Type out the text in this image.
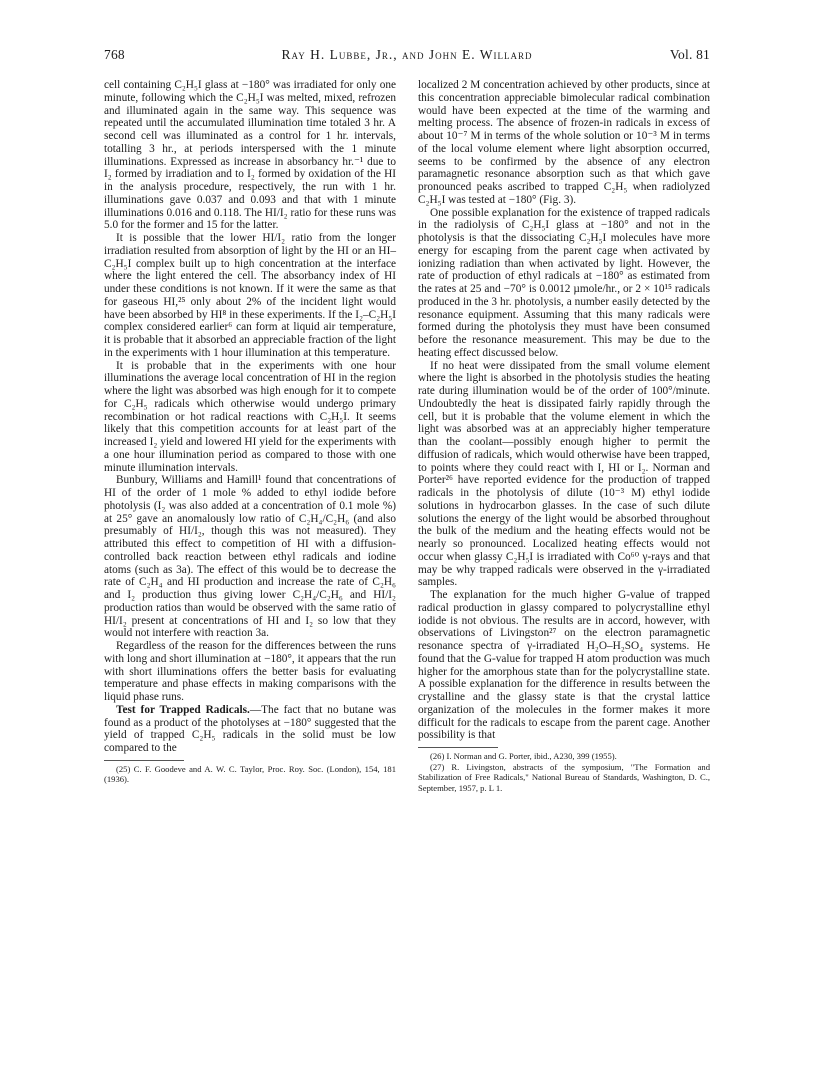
768	Ray H. Lubbe, Jr., and John E. Willard	Vol. 81

cell containing C₂H₅I glass at −180° was irradiated for only one minute, following which the C₂H₅I was melted, mixed, refrozen and illuminated again in the same way. This sequence was repeated until the accumulated illumination time totaled 3 hr. A second cell was illuminated as a control for 1 hr. intervals, totalling 3 hr., at periods interspersed with the 1 minute illuminations. Expressed as increase in absorbancy hr.⁻¹ due to I₂ formed by irradiation and to I₂ formed by oxidation of the HI in the analysis procedure, respectively, the run with 1 hr. illuminations gave 0.037 and 0.093 and that with 1 minute illuminations 0.016 and 0.118. The HI/I₂ ratio for these runs was 5.0 for the former and 15 for the latter.

It is possible that the lower HI/I₂ ratio from the longer irradiation resulted from absorption of light by the HI or an HI–C₂H₅I complex built up to high concentration at the interface where the light entered the cell. The absorbancy index of HI under these conditions is not known. If it were the same as that for gaseous HI,²⁵ only about 2% of the incident light would have been absorbed by HI⁸ in these experiments. If the I₂–C₂H₅I complex considered earlier⁶ can form at liquid air temperature, it is probable that it absorbed an appreciable fraction of the light in the experiments with 1 hour illumination at this temperature.

It is probable that in the experiments with one hour illuminations the average local concentration of HI in the region where the light was absorbed was high enough for it to compete for C₂H₅ radicals which otherwise would undergo primary recombination or hot radical reactions with C₂H₅I. It seems likely that this competition accounts for at least part of the increased I₂ yield and lowered HI yield for the experiments with a one hour illumination period as compared to those with one minute illumination intervals.

Bunbury, Williams and Hamill¹ found that concentrations of HI of the order of 1 mole % added to ethyl iodide before photolysis (I₂ was also added at a concentration of 0.1 mole %) at 25° gave an anomalously low ratio of C₂H₄/C₂H₆ (and also presumably of HI/I₂, though this was not measured). They attributed this effect to competition of HI with a diffusion-controlled back reaction between ethyl radicals and iodine atoms (such as 3a). The effect of this would be to decrease the rate of C₂H₄ and HI production and increase the rate of C₂H₆ and I₂ production thus giving lower C₂H₄/C₂H₆ and HI/I₂ production ratios than would be observed with the same ratio of HI/I₂ present at concentrations of HI and I₂ so low that they would not interfere with reaction 3a.

Regardless of the reason for the differences between the runs with long and short illumination at −180°, it appears that the run with short illuminations offers the better basis for evaluating temperature and phase effects in making comparisons with the liquid phase runs.

Test for Trapped Radicals.—The fact that no butane was found as a product of the photolyses at −180° suggested that the yield of trapped C₂H₅ radicals in the solid must be low compared to the

(25) C. F. Goodeve and A. W. C. Taylor, Proc. Roy. Soc. (London), 154, 181 (1936).

localized 2 M concentration achieved by other products, since at this concentration appreciable bimolecular radical combination would have been expected at the time of the warming and melting process. The absence of frozen-in radicals in excess of about 10⁻⁷ M in terms of the whole solution or 10⁻³ M in terms of the local volume element where light absorption occurred, seems to be confirmed by the absence of any electron paramagnetic resonance absorption such as that which gave pronounced peaks ascribed to trapped C₂H₅ when radiolyzed C₂H₅I was tested at −180° (Fig. 3).

One possible explanation for the existence of trapped radicals in the radiolysis of C₂H₅I glass at −180° and not in the photolysis is that the dissociating C₂H₅I molecules have more energy for escaping from the parent cage when activated by ionizing radiation than when activated by light. However, the rate of production of ethyl radicals at −180° as estimated from the rates at 25 and −70° is 0.0012 µmole/hr., or 2 × 10¹⁵ radicals produced in the 3 hr. photolysis, a number easily detected by the resonance equipment. Assuming that this many radicals were formed during the photolysis they must have been consumed before the resonance measurement. This may be due to the heating effect discussed below.

If no heat were dissipated from the small volume element where the light is absorbed in the photolysis studies the heating rate during illumination would be of the order of 100°/minute. Undoubtedly the heat is dissipated fairly rapidly through the cell, but it is probable that the volume element in which the light was absorbed was at an appreciably higher temperature than the coolant—possibly enough higher to permit the diffusion of radicals, which would otherwise have been trapped, to points where they could react with I, HI or I₂. Norman and Porter²⁶ have reported evidence for the production of trapped radicals in the photolysis of dilute (10⁻³ M) ethyl iodide solutions in hydrocarbon glasses. In the case of such dilute solutions the energy of the light would be absorbed throughout the bulk of the medium and the heating effects would not be nearly so pronounced. Localized heating effects would not occur when glassy C₂H₅I is irradiated with Co⁶⁰ γ-rays and that may be why trapped radicals were observed in the γ-irradiated samples.

The explanation for the much higher G-value of trapped radical production in glassy compared to polycrystalline ethyl iodide is not obvious. The results are in accord, however, with observations of Livingston²⁷ on the electron paramagnetic resonance spectra of γ-irradiated H₂O–H₂SO₄ systems. He found that the G-value for trapped H atom production was much higher for the amorphous state than for the polycrystalline state. A possible explanation for the difference in results between the crystalline and the glassy state is that the crystal lattice organization of the molecules in the former makes it more difficult for the radicals to escape from the parent cage. Another possibility is that

(26) I. Norman and G. Porter, ibid., A230, 399 (1955).

(27) R. Livingston, abstracts of the symposium, "The Formation and Stabilization of Free Radicals," National Bureau of Standards, Washington, D. C., September, 1957, p. L 1.
